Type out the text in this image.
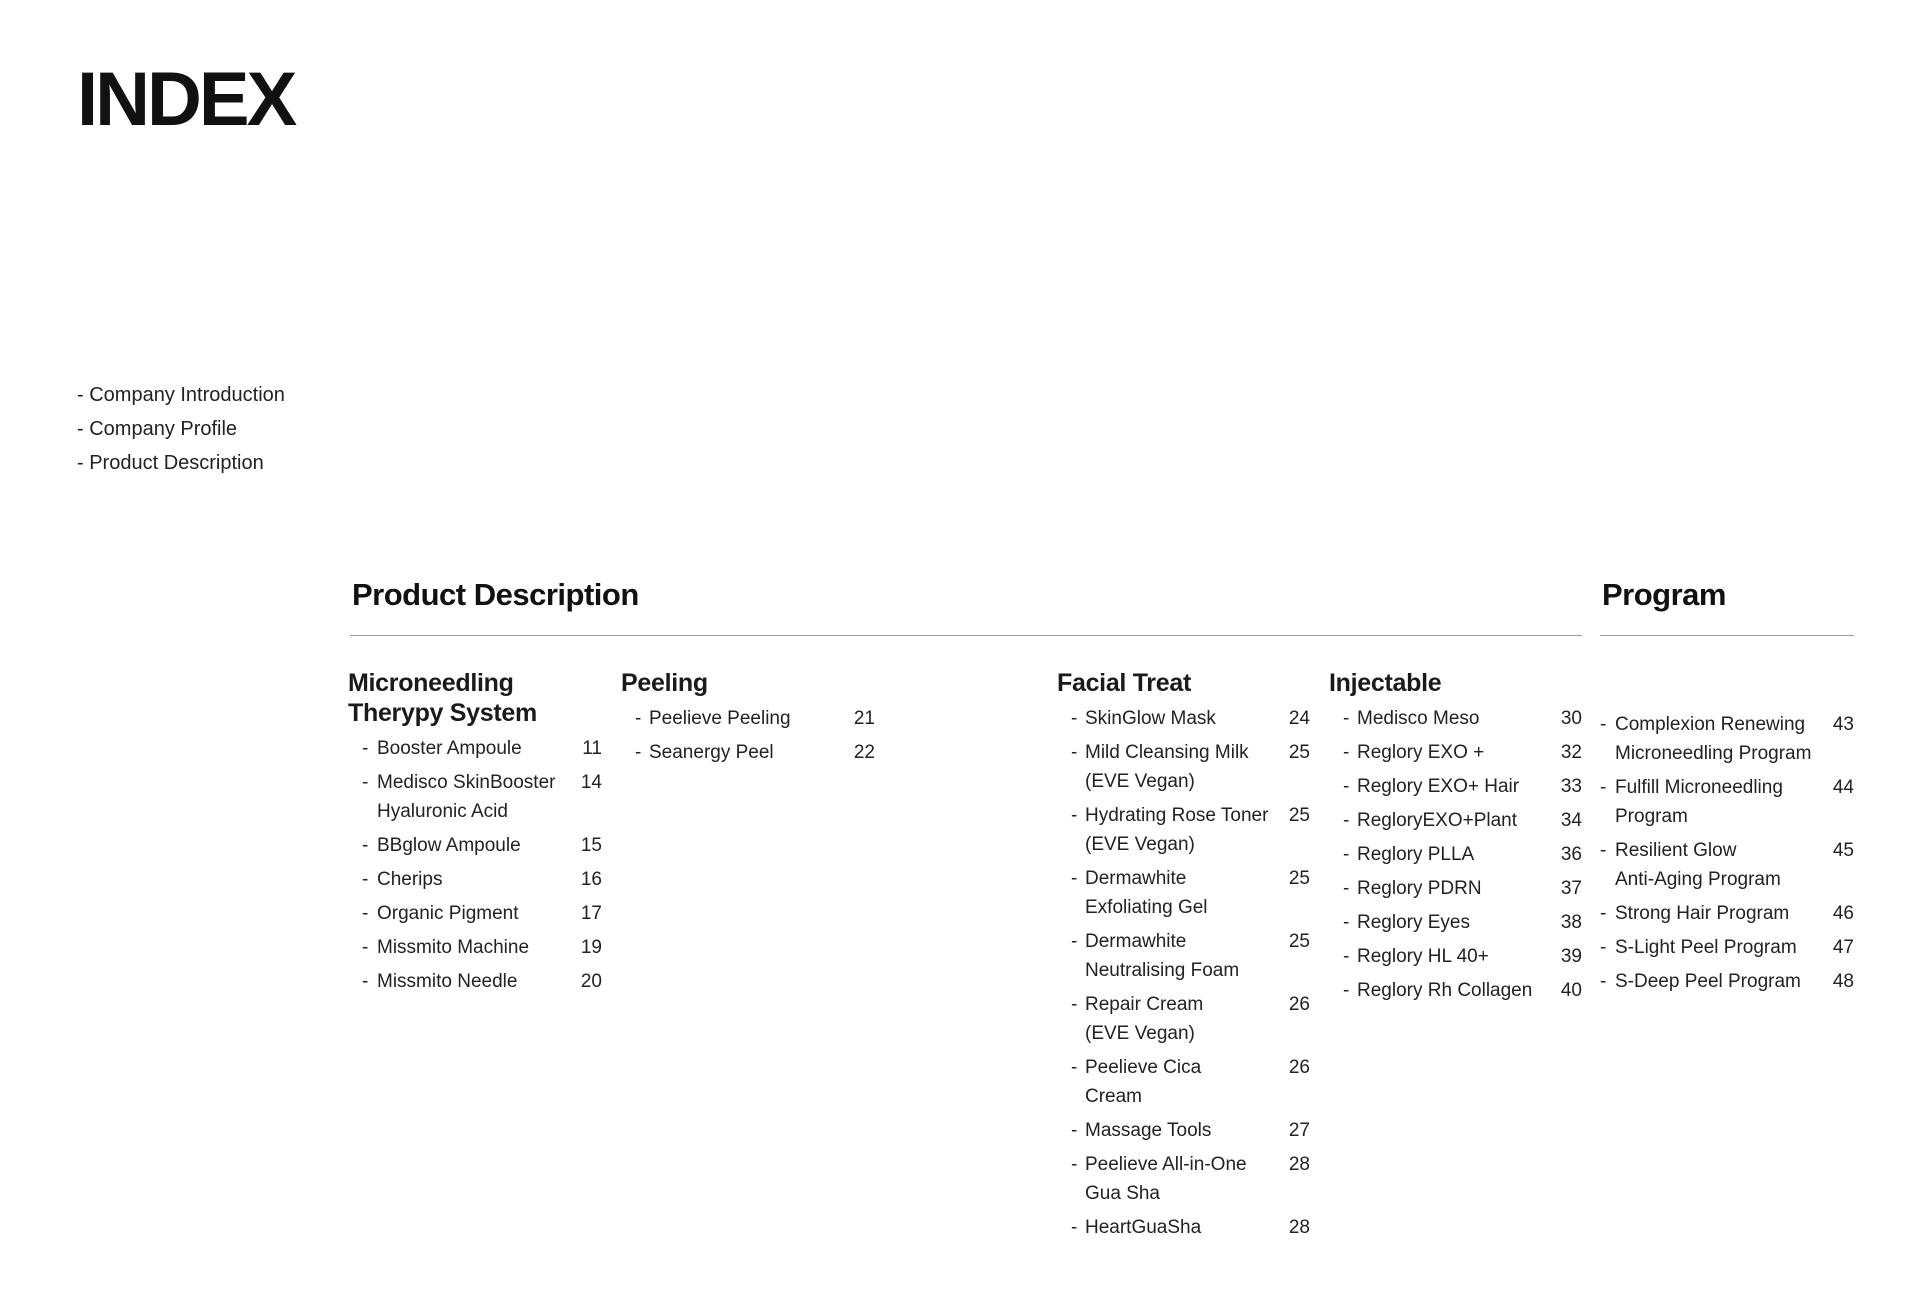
INDEX
- Company Introduction
- Company Profile
- Product Description
Product Description	Program
Microneedling
Therypy System
- Booster Ampoule	11
- Medisco SkinBooster
Hyaluronic Acid
14
- BBglow Ampoule	15
- Cherips	16
- Organic Pigment	17
- Missmito Machine	19
- Missmito Needle	20
Peeling
- Peelieve Peeling	21
- Seanergy Peel	22
Facial Treat
- SkinGlow Mask	24
- Mild Cleansing Milk
(EVE Vegan)
25
- Hydrating Rose Toner
(EVE Vegan)
25
- Dermawhite
Exfoliating Gel
25
- Dermawhite
Neutralising Foam
25
- Repair Cream
(EVE Vegan)
26
- Peelieve Cica
Cream
26
- Massage Tools	27
- Peelieve All-in-One
Gua Sha
28
- HeartGuaSha	28
Injectable
- Medisco Meso	30
- Reglory EXO +	32
- Reglory EXO+ Hair	33
- RegloryEXO+Plant	34
- Reglory PLLA	36
- Reglory PDRN	37
- Reglory Eyes	38
- Reglory HL 40+	39
- Reglory Rh Collagen	40
- Complexion Renewing
Microneedling Program
43
- Fulfill Microneedling
Program
44
- Resilient Glow
Anti-Aging Program
45
- Strong Hair Program	46
- S-Light Peel Program	47
- S-Deep Peel Program	48
